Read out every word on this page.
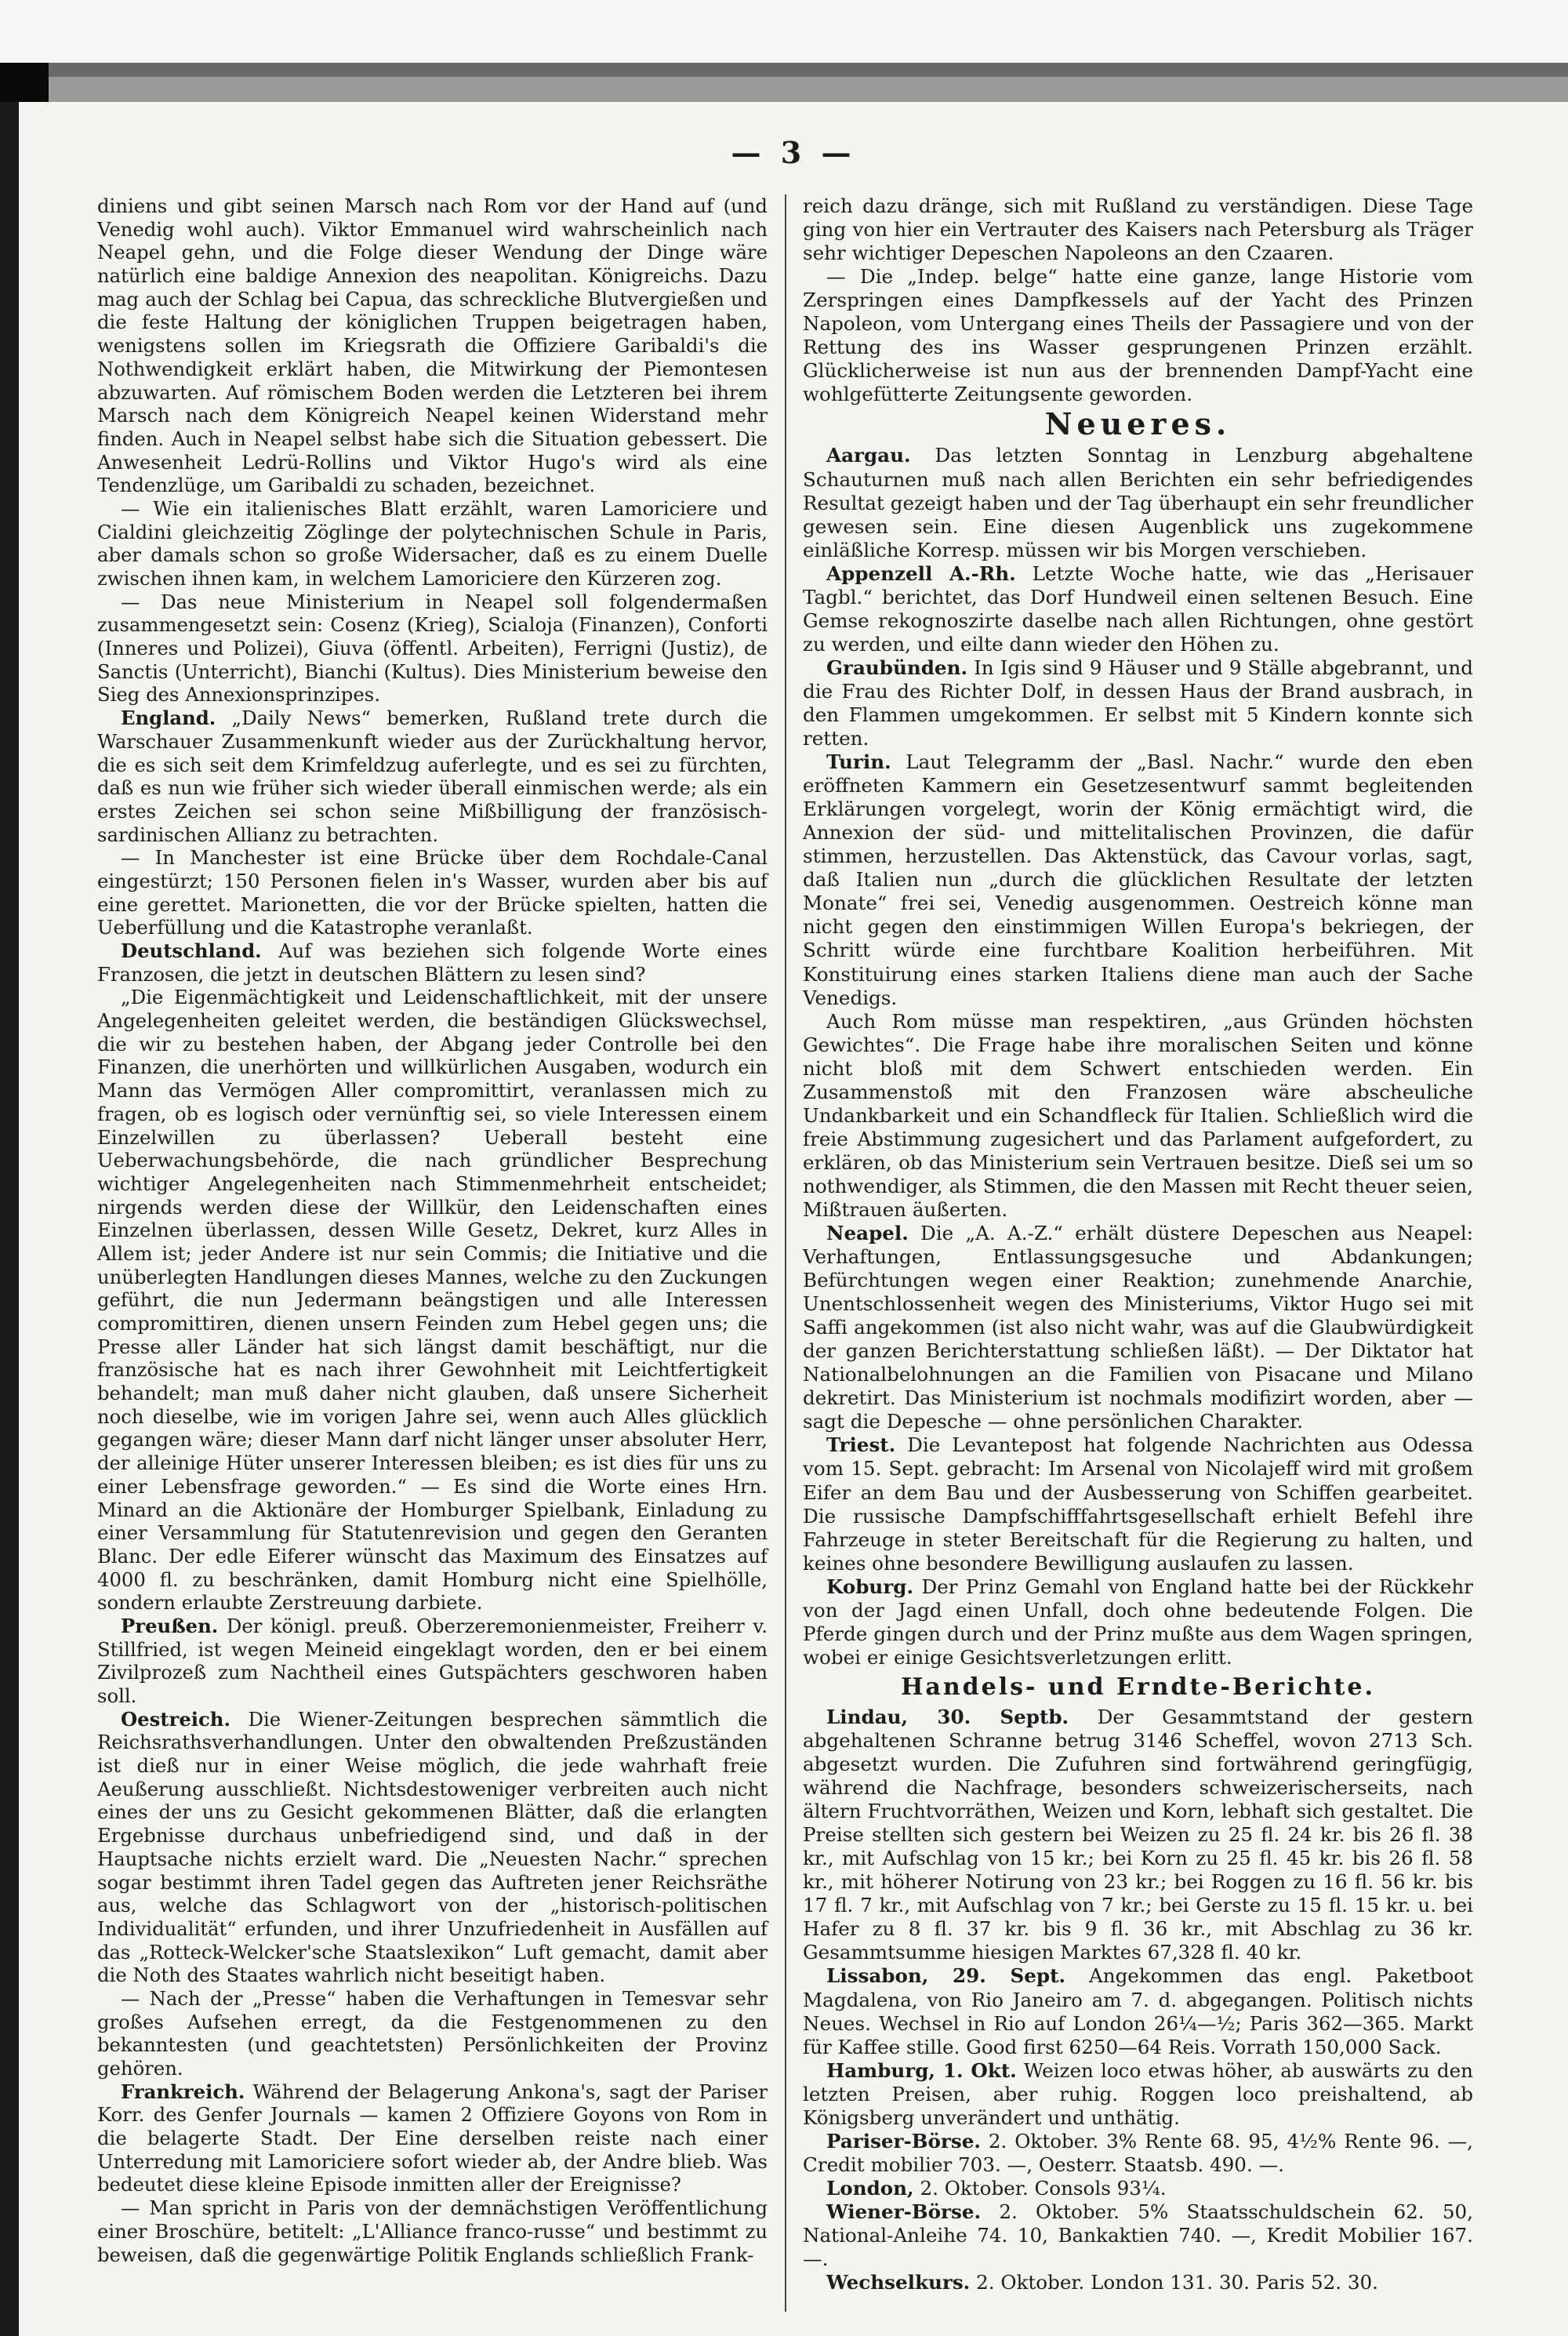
— 3 —

diniens und gibt seinen Marsch nach Rom vor der Hand auf (und Venedig wohl auch). Viktor Emmanuel wird wahrscheinlich nach Neapel gehn, und die Folge dieser Wendung der Dinge wäre natürlich eine baldige Annexion des neapolitan. Königreichs. Dazu mag auch der Schlag bei Capua, das schreckliche Blutvergießen und die feste Haltung der königlichen Truppen beigetragen haben, wenigstens sollen im Kriegsrath die Offiziere Garibaldi's die Nothwendigkeit erklärt haben, die Mitwirkung der Piemontesen abzuwarten. Auf römischem Boden werden die Letzteren bei ihrem Marsch nach dem Königreich Neapel keinen Widerstand mehr finden. Auch in Neapel selbst habe sich die Situation gebessert. Die Anwesenheit Ledrü-Rollins und Viktor Hugo's wird als eine Tendenzlüge, um Garibaldi zu schaden, bezeichnet.

— Wie ein italienisches Blatt erzählt, waren Lamoriciere und Cialdini gleichzeitig Zöglinge der polytechnischen Schule in Paris, aber damals schon so große Widersacher, daß es zu einem Duelle zwischen ihnen kam, in welchem Lamoriciere den Kürzeren zog.

— Das neue Ministerium in Neapel soll folgendermaßen zusammengesetzt sein: Cosenz (Krieg), Scialoja (Finanzen), Conforti (Inneres und Polizei), Giuva (öffentl. Arbeiten), Ferrigni (Justiz), de Sanctis (Unterricht), Bianchi (Kultus). Dies Ministerium beweise den Sieg des Annexionsprinzipes.

England. „Daily News“ bemerken, Rußland trete durch die Warschauer Zusammenkunft wieder aus der Zurückhaltung hervor, die es sich seit dem Krimfeldzug auferlegte, und es sei zu fürchten, daß es nun wie früher sich wieder überall einmischen werde; als ein erstes Zeichen sei schon seine Mißbilligung der französisch-sardinischen Allianz zu betrachten.

— In Manchester ist eine Brücke über dem Rochdale-Canal eingestürzt; 150 Personen fielen in's Wasser, wurden aber bis auf eine gerettet. Marionetten, die vor der Brücke spielten, hatten die Ueberfüllung und die Katastrophe veranlaßt.

Deutschland. Auf was beziehen sich folgende Worte eines Franzosen, die jetzt in deutschen Blättern zu lesen sind?

„Die Eigenmächtigkeit und Leidenschaftlichkeit, mit der unsere Angelegenheiten geleitet werden, die beständigen Glückswechsel, die wir zu bestehen haben, der Abgang jeder Controlle bei den Finanzen, die unerhörten und willkürlichen Ausgaben, wodurch ein Mann das Vermögen Aller compromittirt, veranlassen mich zu fragen, ob es logisch oder vernünftig sei, so viele Interessen einem Einzelwillen zu überlassen? Ueberall besteht eine Ueberwachungsbehörde, die nach gründlicher Besprechung wichtiger Angelegenheiten nach Stimmenmehrheit entscheidet; nirgends werden diese der Willkür, den Leidenschaften eines Einzelnen überlassen, dessen Wille Gesetz, Dekret, kurz Alles in Allem ist; jeder Andere ist nur sein Commis; die Initiative und die unüberlegten Handlungen dieses Mannes, welche zu den Zuckungen geführt, die nun Jedermann beängstigen und alle Interessen compromittiren, dienen unsern Feinden zum Hebel gegen uns; die Presse aller Länder hat sich längst damit beschäftigt, nur die französische hat es nach ihrer Gewohnheit mit Leichtfertigkeit behandelt; man muß daher nicht glauben, daß unsere Sicherheit noch dieselbe, wie im vorigen Jahre sei, wenn auch Alles glücklich gegangen wäre; dieser Mann darf nicht länger unser absoluter Herr, der alleinige Hüter unserer Interessen bleiben; es ist dies für uns zu einer Lebensfrage geworden.“ — Es sind die Worte eines Hrn. Minard an die Aktionäre der Homburger Spielbank, Einladung zu einer Versammlung für Statutenrevision und gegen den Geranten Blanc. Der edle Eiferer wünscht das Maximum des Einsatzes auf 4000 fl. zu beschränken, damit Homburg nicht eine Spielhölle, sondern erlaubte Zerstreuung darbiete.

Preußen. Der königl. preuß. Oberzeremonienmeister, Freiherr v. Stillfried, ist wegen Meineid eingeklagt worden, den er bei einem Zivilprozeß zum Nachtheil eines Gutspächters geschworen haben soll.

Oestreich. Die Wiener-Zeitungen besprechen sämmtlich die Reichsrathsverhandlungen. Unter den obwaltenden Preßzuständen ist dieß nur in einer Weise möglich, die jede wahrhaft freie Aeußerung ausschließt. Nichtsdestoweniger verbreiten auch nicht eines der uns zu Gesicht gekommenen Blätter, daß die erlangten Ergebnisse durchaus unbefriedigend sind, und daß in der Hauptsache nichts erzielt ward. Die „Neuesten Nachr.“ sprechen sogar bestimmt ihren Tadel gegen das Auftreten jener Reichsräthe aus, welche das Schlagwort von der „historisch-politischen Individualität“ erfunden, und ihrer Unzufriedenheit in Ausfällen auf das „Rotteck-Welcker'sche Staatslexikon“ Luft gemacht, damit aber die Noth des Staates wahrlich nicht beseitigt haben.

— Nach der „Presse“ haben die Verhaftungen in Temesvar sehr großes Aufsehen erregt, da die Festgenommenen zu den bekanntesten (und geachtetsten) Persönlichkeiten der Provinz gehören.

Frankreich. Während der Belagerung Ankona's, sagt der Pariser Korr. des Genfer Journals — kamen 2 Offiziere Goyons von Rom in die belagerte Stadt. Der Eine derselben reiste nach einer Unterredung mit Lamoriciere sofort wieder ab, der Andre blieb. Was bedeutet diese kleine Episode inmitten aller der Ereignisse?

— Man spricht in Paris von der demnächstigen Veröffentlichung einer Broschüre, betitelt: „L'Alliance franco-russe“ und bestimmt zu beweisen, daß die gegenwärtige Politik Englands schließlich Frank-

reich dazu dränge, sich mit Rußland zu verständigen. Diese Tage ging von hier ein Vertrauter des Kaisers nach Petersburg als Träger sehr wichtiger Depeschen Napoleons an den Czaaren.

— Die „Indep. belge“ hatte eine ganze, lange Historie vom Zerspringen eines Dampfkessels auf der Yacht des Prinzen Napoleon, vom Untergang eines Theils der Passagiere und von der Rettung des ins Wasser gesprungenen Prinzen erzählt. Glücklicherweise ist nun aus der brennenden Dampf-Yacht eine wohlgefütterte Zeitungsente geworden.

Neueres.

Aargau. Das letzten Sonntag in Lenzburg abgehaltene Schauturnen muß nach allen Berichten ein sehr befriedigendes Resultat gezeigt haben und der Tag überhaupt ein sehr freundlicher gewesen sein. Eine diesen Augenblick uns zugekommene einläßliche Korresp. müssen wir bis Morgen verschieben.

Appenzell A.-Rh. Letzte Woche hatte, wie das „Herisauer Tagbl.“ berichtet, das Dorf Hundweil einen seltenen Besuch. Eine Gemse rekognoszirte daselbe nach allen Richtungen, ohne gestört zu werden, und eilte dann wieder den Höhen zu.

Graubünden. In Igis sind 9 Häuser und 9 Ställe abgebrannt, und die Frau des Richter Dolf, in dessen Haus der Brand ausbrach, in den Flammen umgekommen. Er selbst mit 5 Kindern konnte sich retten.

Turin. Laut Telegramm der „Basl. Nachr.“ wurde den eben eröffneten Kammern ein Gesetzesentwurf sammt begleitenden Erklärungen vorgelegt, worin der König ermächtigt wird, die Annexion der süd- und mittelitalischen Provinzen, die dafür stimmen, herzustellen. Das Aktenstück, das Cavour vorlas, sagt, daß Italien nun „durch die glücklichen Resultate der letzten Monate“ frei sei, Venedig ausgenommen. Oestreich könne man nicht gegen den einstimmigen Willen Europa's bekriegen, der Schritt würde eine furchtbare Koalition herbeiführen. Mit Konstituirung eines starken Italiens diene man auch der Sache Venedigs.

Auch Rom müsse man respektiren, „aus Gründen höchsten Gewichtes“. Die Frage habe ihre moralischen Seiten und könne nicht bloß mit dem Schwert entschieden werden. Ein Zusammenstoß mit den Franzosen wäre abscheuliche Undankbarkeit und ein Schandfleck für Italien. Schließlich wird die freie Abstimmung zugesichert und das Parlament aufgefordert, zu erklären, ob das Ministerium sein Vertrauen besitze. Dieß sei um so nothwendiger, als Stimmen, die den Massen mit Recht theuer seien, Mißtrauen äußerten.

Neapel. Die „A. A.-Z.“ erhält düstere Depeschen aus Neapel: Verhaftungen, Entlassungsgesuche und Abdankungen; Befürchtungen wegen einer Reaktion; zunehmende Anarchie, Unentschlossenheit wegen des Ministeriums, Viktor Hugo sei mit Saffi angekommen (ist also nicht wahr, was auf die Glaubwürdigkeit der ganzen Berichterstattung schließen läßt). — Der Diktator hat Nationalbelohnungen an die Familien von Pisacane und Milano dekretirt. Das Ministerium ist nochmals modifizirt worden, aber — sagt die Depesche — ohne persönlichen Charakter.

Triest. Die Levantepost hat folgende Nachrichten aus Odessa vom 15. Sept. gebracht: Im Arsenal von Nicolajeff wird mit großem Eifer an dem Bau und der Ausbesserung von Schiffen gearbeitet. Die russische Dampfschifffahrtsgesellschaft erhielt Befehl ihre Fahrzeuge in steter Bereitschaft für die Regierung zu halten, und keines ohne besondere Bewilligung auslaufen zu lassen.

Koburg. Der Prinz Gemahl von England hatte bei der Rückkehr von der Jagd einen Unfall, doch ohne bedeutende Folgen. Die Pferde gingen durch und der Prinz mußte aus dem Wagen springen, wobei er einige Gesichtsverletzungen erlitt.

Handels- und Erndte-Berichte.

Lindau, 30. Septb. Der Gesammtstand der gestern abgehaltenen Schranne betrug 3146 Scheffel, wovon 2713 Sch. abgesetzt wurden. Die Zufuhren sind fortwährend geringfügig, während die Nachfrage, besonders schweizerischerseits, nach ältern Fruchtvorräthen, Weizen und Korn, lebhaft sich gestaltet. Die Preise stellten sich gestern bei Weizen zu 25 fl. 24 kr. bis 26 fl. 38 kr., mit Aufschlag von 15 kr.; bei Korn zu 25 fl. 45 kr. bis 26 fl. 58 kr., mit höherer Notirung von 23 kr.; bei Roggen zu 16 fl. 56 kr. bis 17 fl. 7 kr., mit Aufschlag von 7 kr.; bei Gerste zu 15 fl. 15 kr. u. bei Hafer zu 8 fl. 37 kr. bis 9 fl. 36 kr., mit Abschlag zu 36 kr. Gesammtsumme hiesigen Marktes 67,328 fl. 40 kr.

Lissabon, 29. Sept. Angekommen das engl. Paketboot Magdalena, von Rio Janeiro am 7. d. abgegangen. Politisch nichts Neues. Wechsel in Rio auf London 26¼—½; Paris 362—365. Markt für Kaffee stille. Good first 6250—64 Reis. Vorrath 150,000 Sack.

Hamburg, 1. Okt. Weizen loco etwas höher, ab auswärts zu den letzten Preisen, aber ruhig. Roggen loco preishaltend, ab Königsberg unverändert und unthätig.

Pariser-Börse. 2. Oktober. 3% Rente 68. 95, 4½% Rente 96. —, Credit mobilier 703. —, Oesterr. Staatsb. 490. —.

London, 2. Oktober. Consols 93¼.

Wiener-Börse. 2. Oktober. 5% Staatsschuldschein 62. 50, National-Anleihe 74. 10, Bankaktien 740. —, Kredit Mobilier 167. —.

Wechselkurs. 2. Oktober. London 131. 30. Paris 52. 30.
